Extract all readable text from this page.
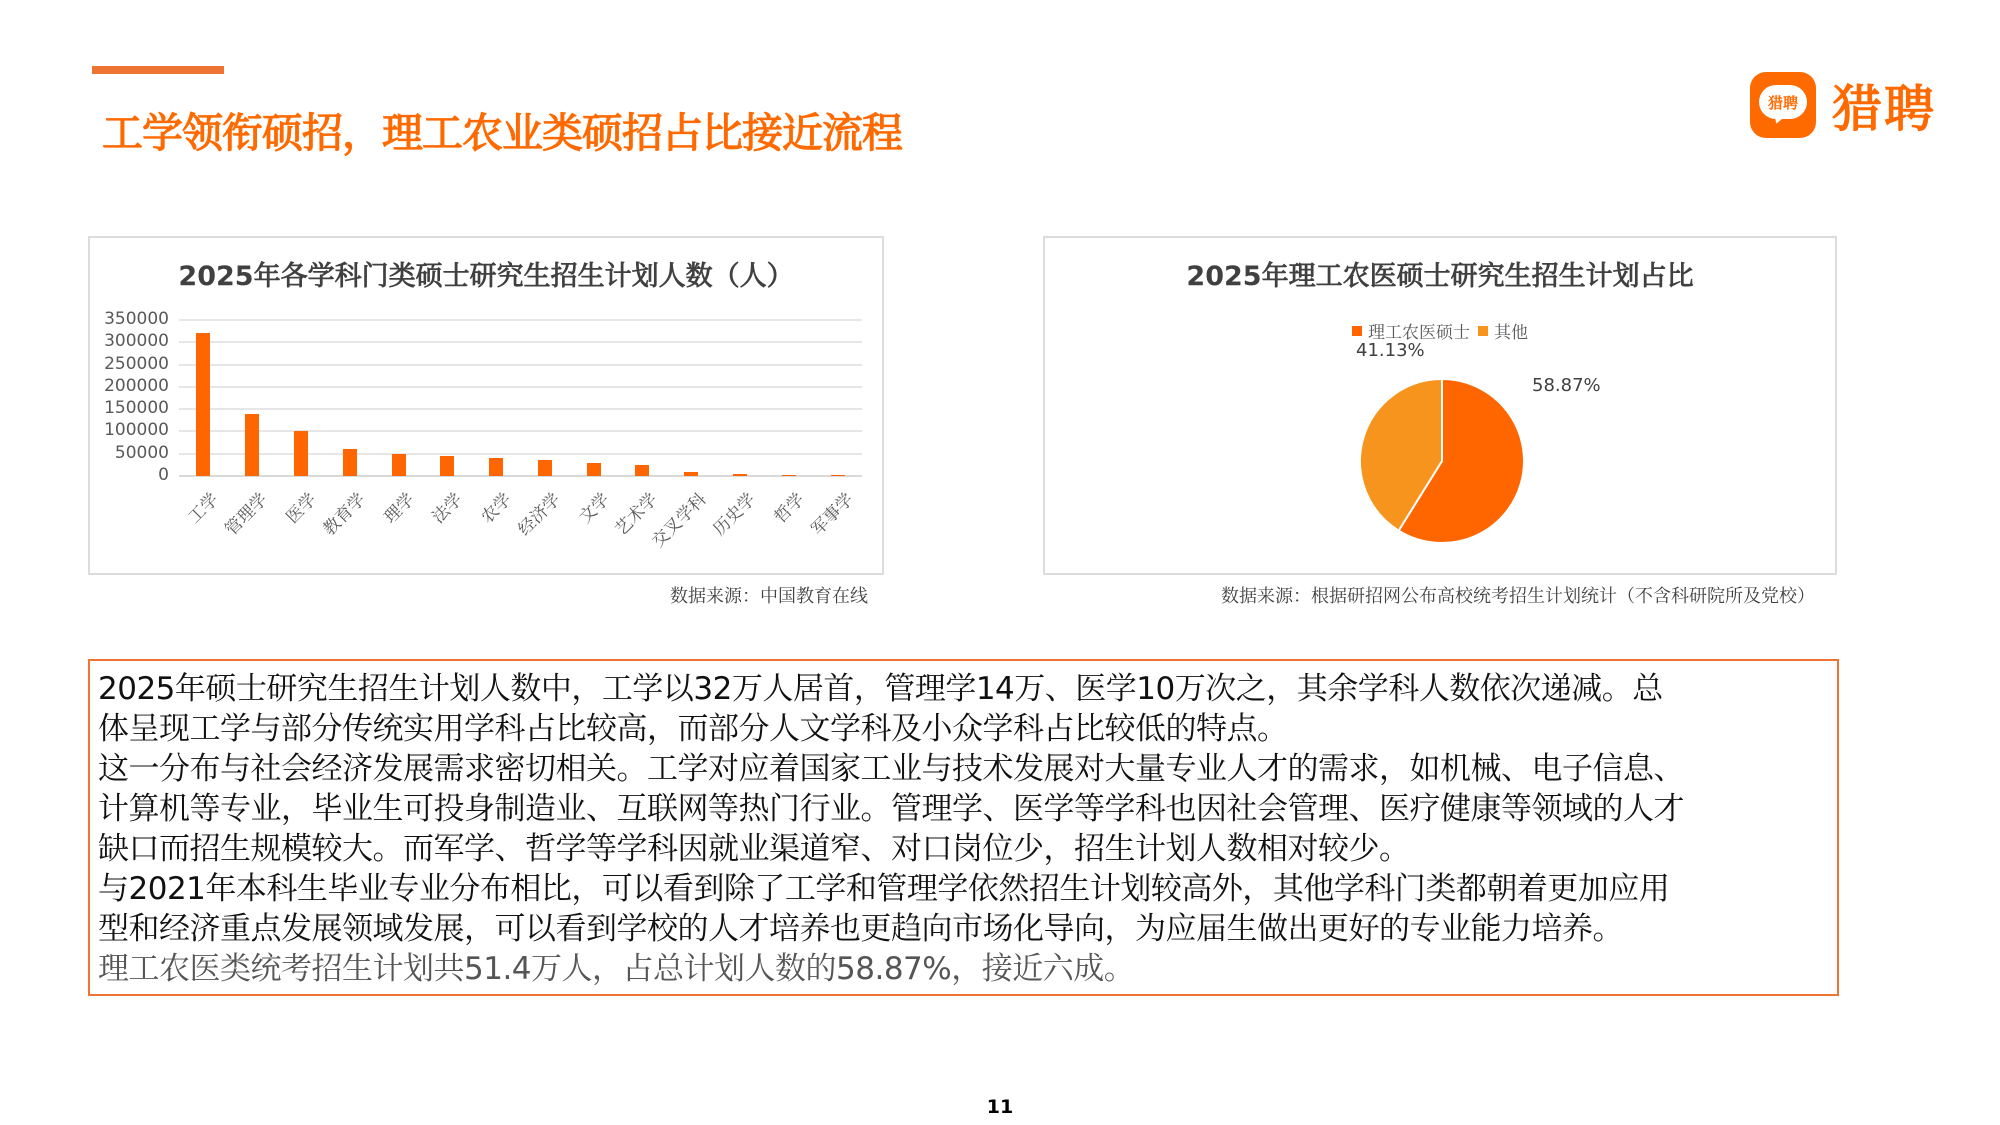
工学领衔硕招，理工农业类硕招占比接近流程
猎聘 猎聘
2025年各学科门类硕士研究生招生计划人数（人）
350000
300000
250000
200000
150000
100000
50000
0
工学
管理学 医学
教育学 理学 法学 农学
经济学 文学
艺术学
交叉学科
历史学 哲学
军事学
数据来源：中国教育在线
2025年理工农医硕士研究生招生计划占比
理工农医硕士 其他
41.13%
58.87%
数据来源：根据研招网公布高校统考招生计划统计（不含科研院所及党校）
2025年硕士研究生招生计划人数中，工学以32万人居首，管理学14万、医学10万次之，其余学科人数依次递减。总
体呈现工学与部分传统实用学科占比较高，而部分人文学科及小众学科占比较低的特点。
这一分布与社会经济发展需求密切相关。工学对应着国家工业与技术发展对大量专业人才的需求，如机械、电子信息、
计算机等专业，毕业生可投身制造业、互联网等热门行业。管理学、医学等学科也因社会管理、医疗健康等领域的人才
缺口而招生规模较大。而军学、哲学等学科因就业渠道窄、对口岗位少，招生计划人数相对较少。
与2021年本科生毕业专业分布相比，可以看到除了工学和管理学依然招生计划较高外，其他学科门类都朝着更加应用
型和经济重点发展领域发展，可以看到学校的人才培养也更趋向市场化导向，为应届生做出更好的专业能力培养。
理工农医类统考招生计划共51.4万人，占总计划人数的58.87%，接近六成。
11
